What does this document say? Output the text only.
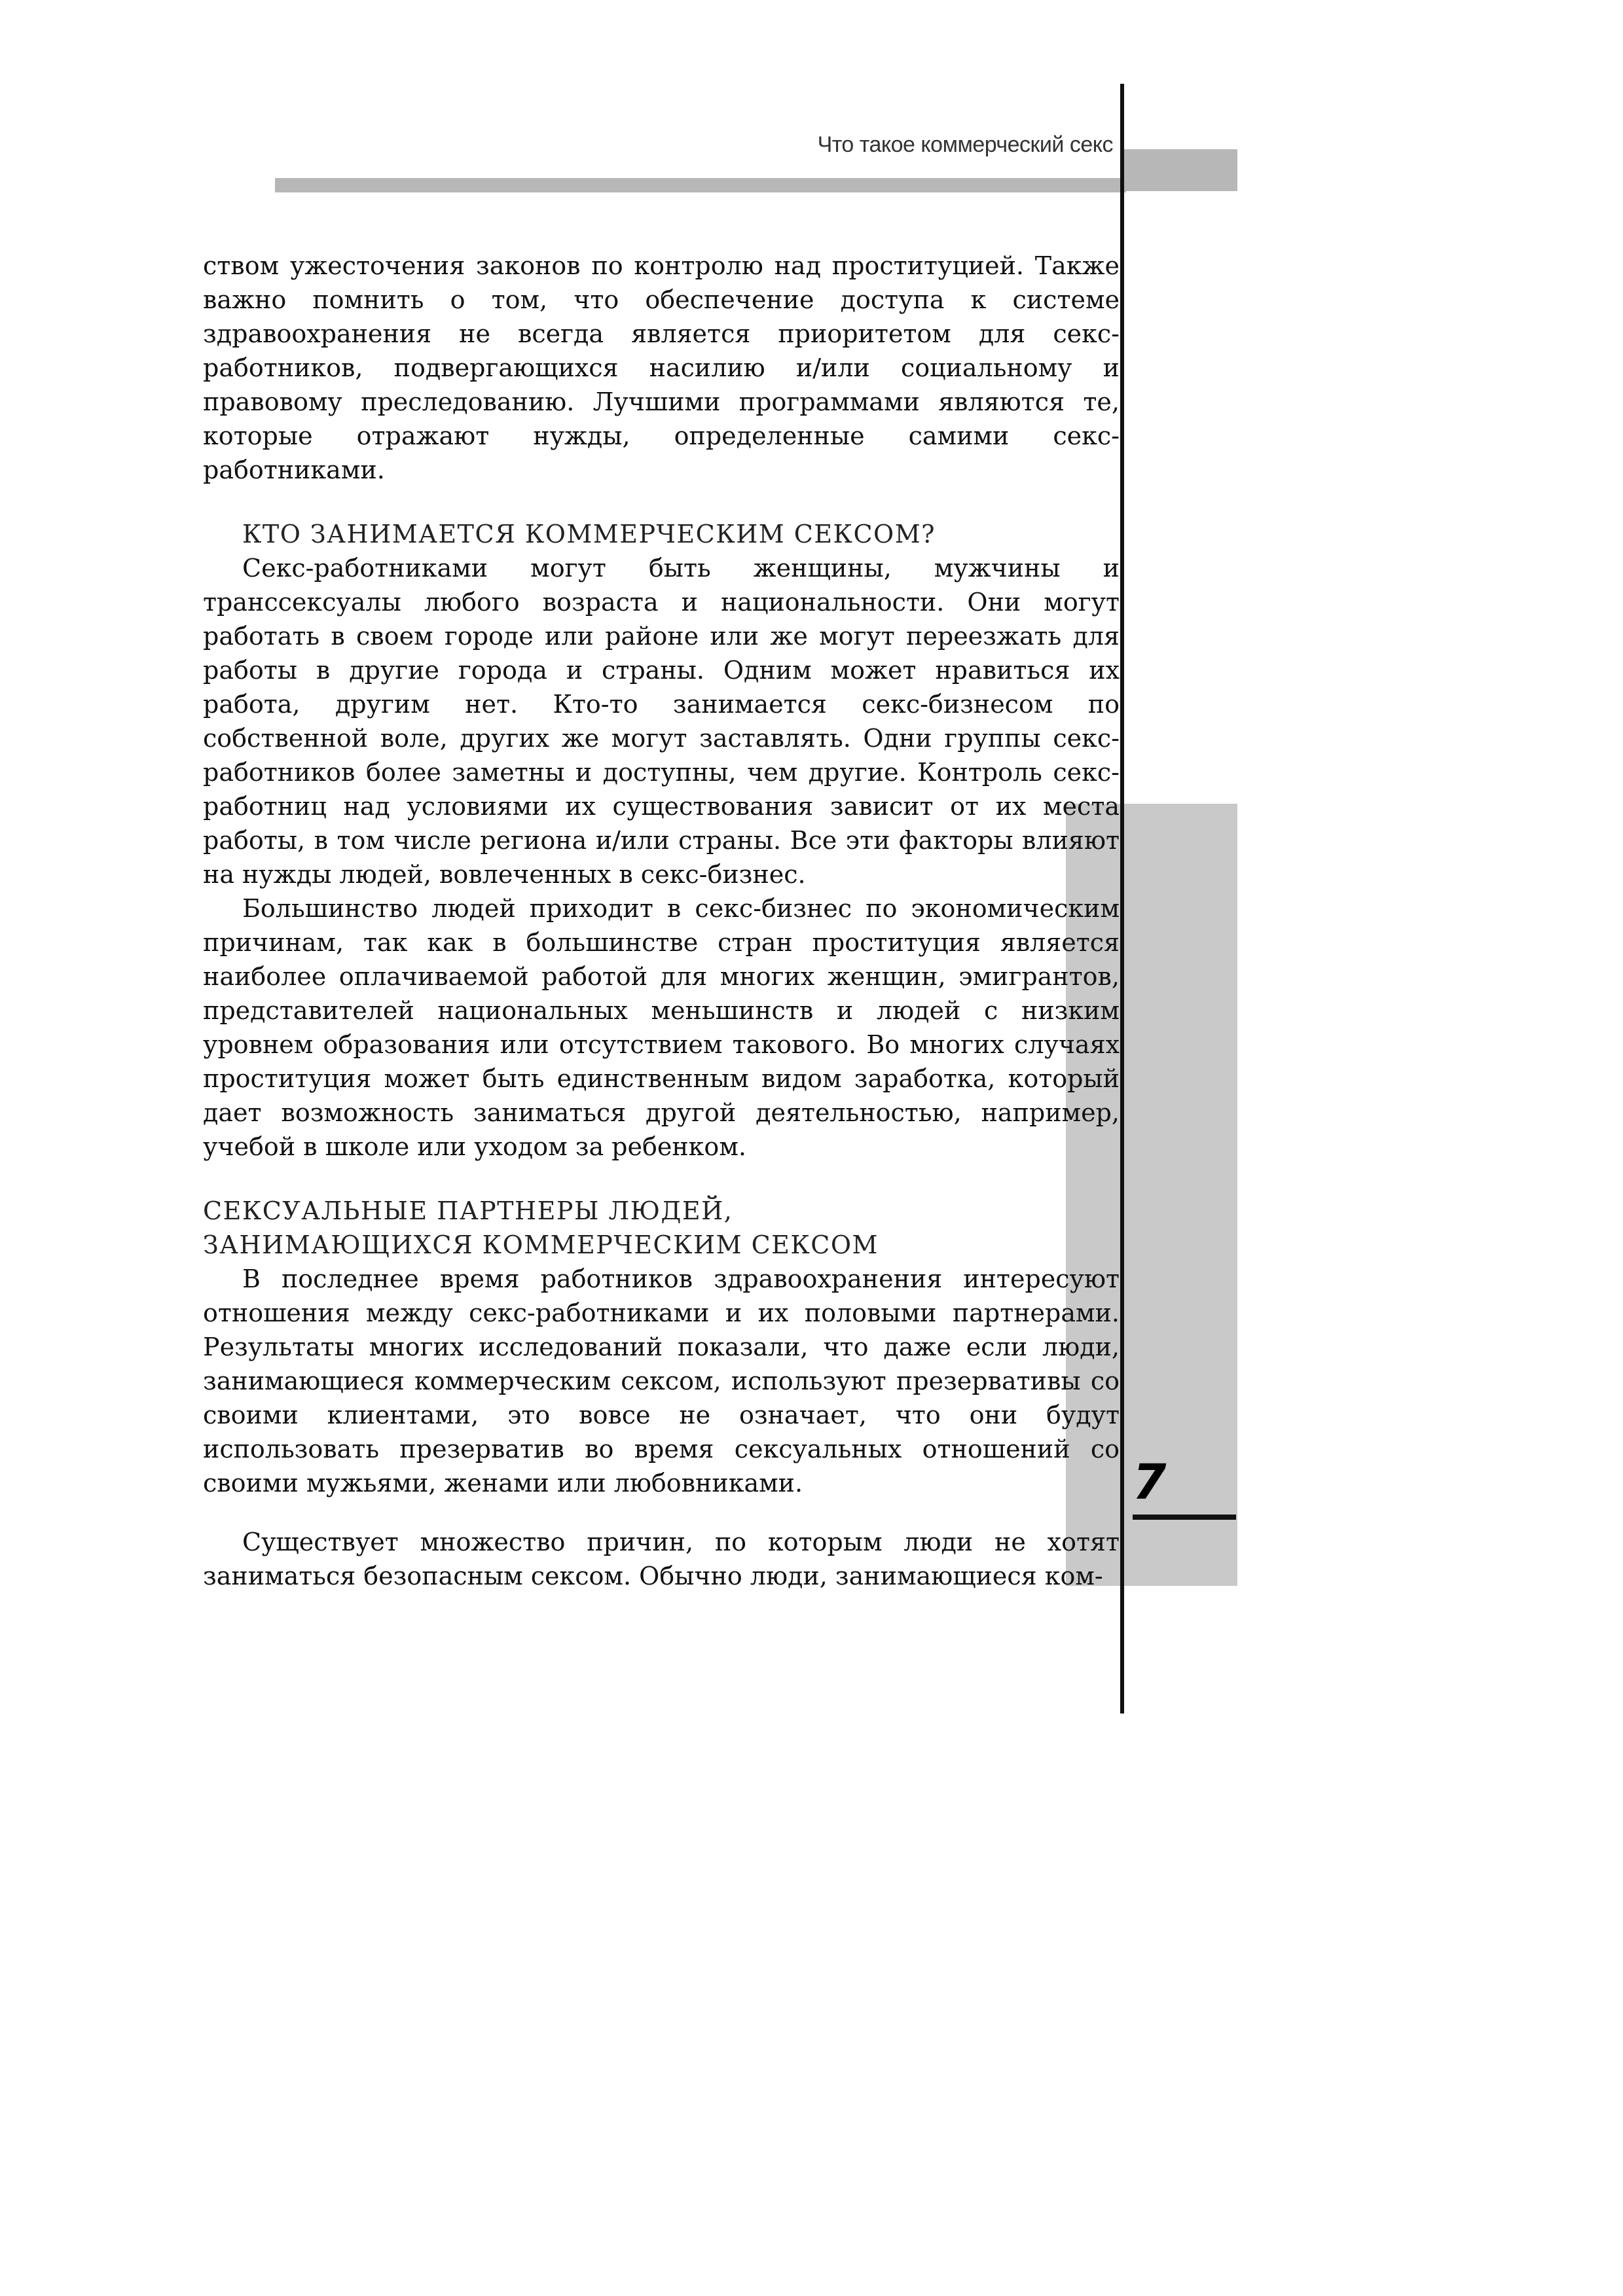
Что такое коммерческий секс

ством ужесточения законов по контролю над проституцией. Также важно помнить о том, что обеспечение доступа к системе здравоохранения не всегда является приоритетом для секс-работников, подвергающихся насилию и/или социальному и правовому преследованию. Лучшими программами являются те, которые отражают нужды, определенные самими секс-работниками.

КТО ЗАНИМАЕТСЯ КОММЕРЧЕСКИМ СЕКСОМ?

Секс-работниками могут быть женщины, мужчины и транссексуалы любого возраста и национальности. Они могут работать в своем городе или районе или же могут переезжать для работы в другие города и страны. Одним может нравиться их работа, другим нет. Кто-то занимается секс-бизнесом по собственной воле, других же могут заставлять. Одни группы секс-работников более заметны и доступны, чем другие. Контроль секс-работниц над условиями их существования зависит от их места работы, в том числе региона и/или страны. Все эти факторы влияют на нужды людей, вовлеченных в секс-бизнес.

Большинство людей приходит в секс-бизнес по экономическим причинам, так как в большинстве стран проституция является наиболее оплачиваемой работой для многих женщин, эмигрантов, представителей национальных меньшинств и людей с низким уровнем образования или отсутствием такового. Во многих случаях проституция может быть единственным видом заработка, который дает возможность заниматься другой деятельностью, например, учебой в школе или уходом за ребенком.

СЕКСУАЛЬНЫЕ ПАРТНЕРЫ ЛЮДЕЙ,
ЗАНИМАЮЩИХСЯ КОММЕРЧЕСКИМ СЕКСОМ

В последнее время работников здравоохранения интересуют отношения между секс-работниками и их половыми партнерами. Результаты многих исследований показали, что даже если люди, занимающиеся коммерческим сексом, используют презервативы со своими клиентами, это вовсе не означает, что они будут использовать презерватив во время сексуальных отношений со своими мужьями, женами или любовниками.

Существует множество причин, по которым люди не хотят заниматься безопасным сексом. Обычно люди, занимающиеся ком-

7
